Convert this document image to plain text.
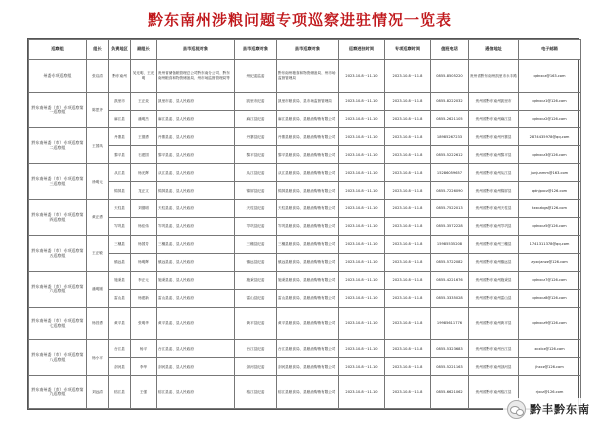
黔东南州涉粮问题专项巡察进驻情况一览表
巡察组	组长	负责地区	副组长	县市巡视对象	县市巡察对象	县市巡察对象	巡察进驻时间	专项巡察时间	值班电话	通信地址	电子邮箱
州委专项巡察组	张启清	黔东南州	吴光明、王光明	贵州省储备粮管理总公司黔东南分公司、黔东南州粮食和物资储备局、州市场监督管理局等	州纪委监委	黔东南州粮食和物资储备局、州市场监督管理局	2023.10.8一11.10	2023.10.8一11.8	0855-8505220	贵州省黔东南州凯里市永丰路	qdnxcz@163.com
黔东南州委（市）专项巡察第一巡察组	陈思齐	凯里市	王正炎	凯里市委、县人民政府	凯里市纪委	凯里市粮食局、县市场监督管理局	2023.10.8一11.10	2023.10.8一11.8	0855-8222032	贵州省黔东南州凯里市	qdnxcz1@126.com
		麻江县	潘明杰	麻江县委、县人民政府	麻江县纪委	麻江县粮食局、县粮油购销有限公司	2023.10.8一11.10	2023.10.8一11.8	0855-2621105	贵州省黔东南州麻江县	qdnxcz2@126.com
黔东南州委（市）专项巡察第二巡察组	王国凤	丹寨县	王德勇	丹寨县委、县人民政府	丹寨县纪委	丹寨县粮食局、县粮油购销有限公司	2023.10.8一11.10	2023.10.8一11.8	18985267233	贵州省黔东南州丹寨县	2874435978@qq.com
		黎平县	石建国	黎平县委、县人民政府	黎平县纪委	黎平县粮食局、县粮油购销有限公司	2023.10.8一11.10	2023.10.8一11.8	0855-5222612	贵州省黔东南州黎平县	qdnxcz3@126.com
黔东南州委（市）专项巡察第三巡察组	徐明元	从江县	杨光辉	从江县委、县人民政府	从江县纪委	从江县粮食局、县粮油购销有限公司	2023.10.8一11.10	2023.10.8一11.8	15286059657	贵州省黔东南州从江县	junjunmm@163.com
		锦屏县	龙正文	锦屏县委、县人民政府	锦屏县纪委	锦屏县粮食局、县粮油购销有限公司	2023.10.8一11.10	2023.10.8一11.8	0855-7226090	贵州省黔东南州锦屏县	qdnjpxcz@126.com
黔东南州委（市）专项巡察第四巡察组	黄正勇	天柱县	刘德明	天柱县委、县人民政府	天柱县纪委	天柱县粮食局、县粮油购销有限公司	2023.10.8一11.10	2023.10.8一11.8	0855-7522013	贵州省黔东南州天柱县	tzxczbgs@126.com
		岑巩县	杨佳伟	岑巩县委、县人民政府	岑巩县纪委	岑巩县粮食局、县粮油购销有限公司	2023.10.8一11.10	2023.10.8一11.8	0855-3572228	贵州省黔东南州岑巩县	qdnxcz5@126.com
黔东南州委（市）专项巡察第五巡察组	王正敏	三穗县	杨国芳	三穗县委、县人民政府	三穗县纪委	三穗县粮食局、县粮油购销有限公司	2023.10.8一11.10	2023.10.8一11.8	15985535208	贵州省黔东南州三穗县	1741311378@qq.com
		镇远县	杨明辉	镇远县委、县人民政府	镇远县纪委	镇远县粮食局、县粮油购销有限公司	2023.10.8一11.10	2023.10.8一11.8	0855-5722082	贵州省黔东南州镇远县	zyxcjanzz@126.com
黔东南州委（市）专项巡察第六巡察组	潘明刚	施秉县	李正元	施秉县委、县人民政府	施秉县纪委	施秉县粮食局、县粮油购销有限公司	2023.10.8一11.10	2023.10.8一11.8	0855-4221676	贵州省黔东南州施秉县	qdnxcz7@126.com
		雷山县	杨建新	雷山县委、县人民政府	雷山县纪委	雷山县粮食局、县粮油购销有限公司	2023.10.8一11.10	2023.10.8一11.8	0855-3335028	贵州省黔东南州雷山县	qdnxcz8@126.com
黔东南州委（市）专项巡察第七巡察组	杨昌勇	黄平县	张明华	黄平县委、县人民政府	黄平县纪委	黄平县粮食局、县粮油购销有限公司	2023.10.8一11.10	2023.10.8一11.8	19985611776	贵州省黔东南州黄平县	qdnxcz9@126.com
黔东南州委（市）专项巡察第八巡察组	杨小平	台江县	杨平	台江县委、县人民政府	台江县纪委	台江县粮食局、县粮油购销有限公司	2023.10.8一11.10	2023.10.8一11.8	0855-5323683	贵州省黔东南州台江县	xcxlcz@126.com
		剑河县	李华	剑河县委、县人民政府	剑河县纪委	剑河县粮食局、县粮油购销有限公司	2023.10.8一11.10	2023.10.8一11.8	0855-5221163	贵州省黔东南州剑河县	jhxcz@126.com
黔东南州委（市）专项巡察第九巡察组	刘远清	榕江县	王强	榕江县委、县人民政府	榕江县纪委	榕江县粮食局、县粮油购销有限公司	2023.10.8一11.10	2023.10.8一11.8	0855-6621062	贵州省黔东南州榕江县	rjxcz@126.com
黔丰黔东南
